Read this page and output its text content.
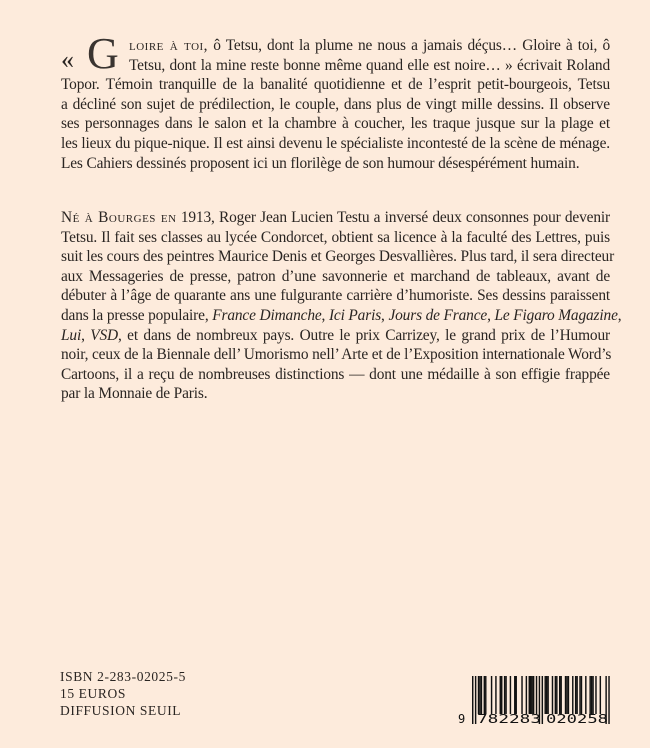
« G loire à toi, ô Tetsu, dont la plume ne nous a jamais déçus… Gloire à toi, ô
Tetsu, dont la mine reste bonne même quand elle est noire… » écrivait Roland
Topor. Témoin tranquille de la banalité quotidienne et de l’esprit petit-bourgeois, Tetsu
a décliné son sujet de prédilection, le couple, dans plus de vingt mille dessins. Il observe
ses personnages dans le salon et la chambre à coucher, les traque jusque sur la plage et
les lieux du pique-nique. Il est ainsi devenu le spécialiste incontesté de la scène de ménage.
Les Cahiers dessinés proposent ici un florilège de son humour désespérément humain.
Né à Bourges en 1913, Roger Jean Lucien Testu a inversé deux consonnes pour devenir
Tetsu. Il fait ses classes au lycée Condorcet, obtient sa licence à la faculté des Lettres, puis
suit les cours des peintres Maurice Denis et Georges Desvallières. Plus tard, il sera directeur
aux Messageries de presse, patron d’une savonnerie et marchand de tableaux, avant de
débuter à l’âge de quarante ans une fulgurante carrière d’humoriste. Ses dessins paraissent
dans la presse populaire, France Dimanche, Ici Paris, Jours de France, Le Figaro Magazine,
Lui, VSD, et dans de nombreux pays. Outre le prix Carrizey, le grand prix de l’Humour
noir, ceux de la Biennale dell’ Umorismo nell’ Arte et de l’Exposition internationale Word’s
Cartoons, il a reçu de nombreuses distinctions — dont une médaille à son effigie frappée
par la Monnaie de Paris.
ISBN 2-283-02025-5
15 EUROS
DIFFUSION SEUIL
9 782283 020258
